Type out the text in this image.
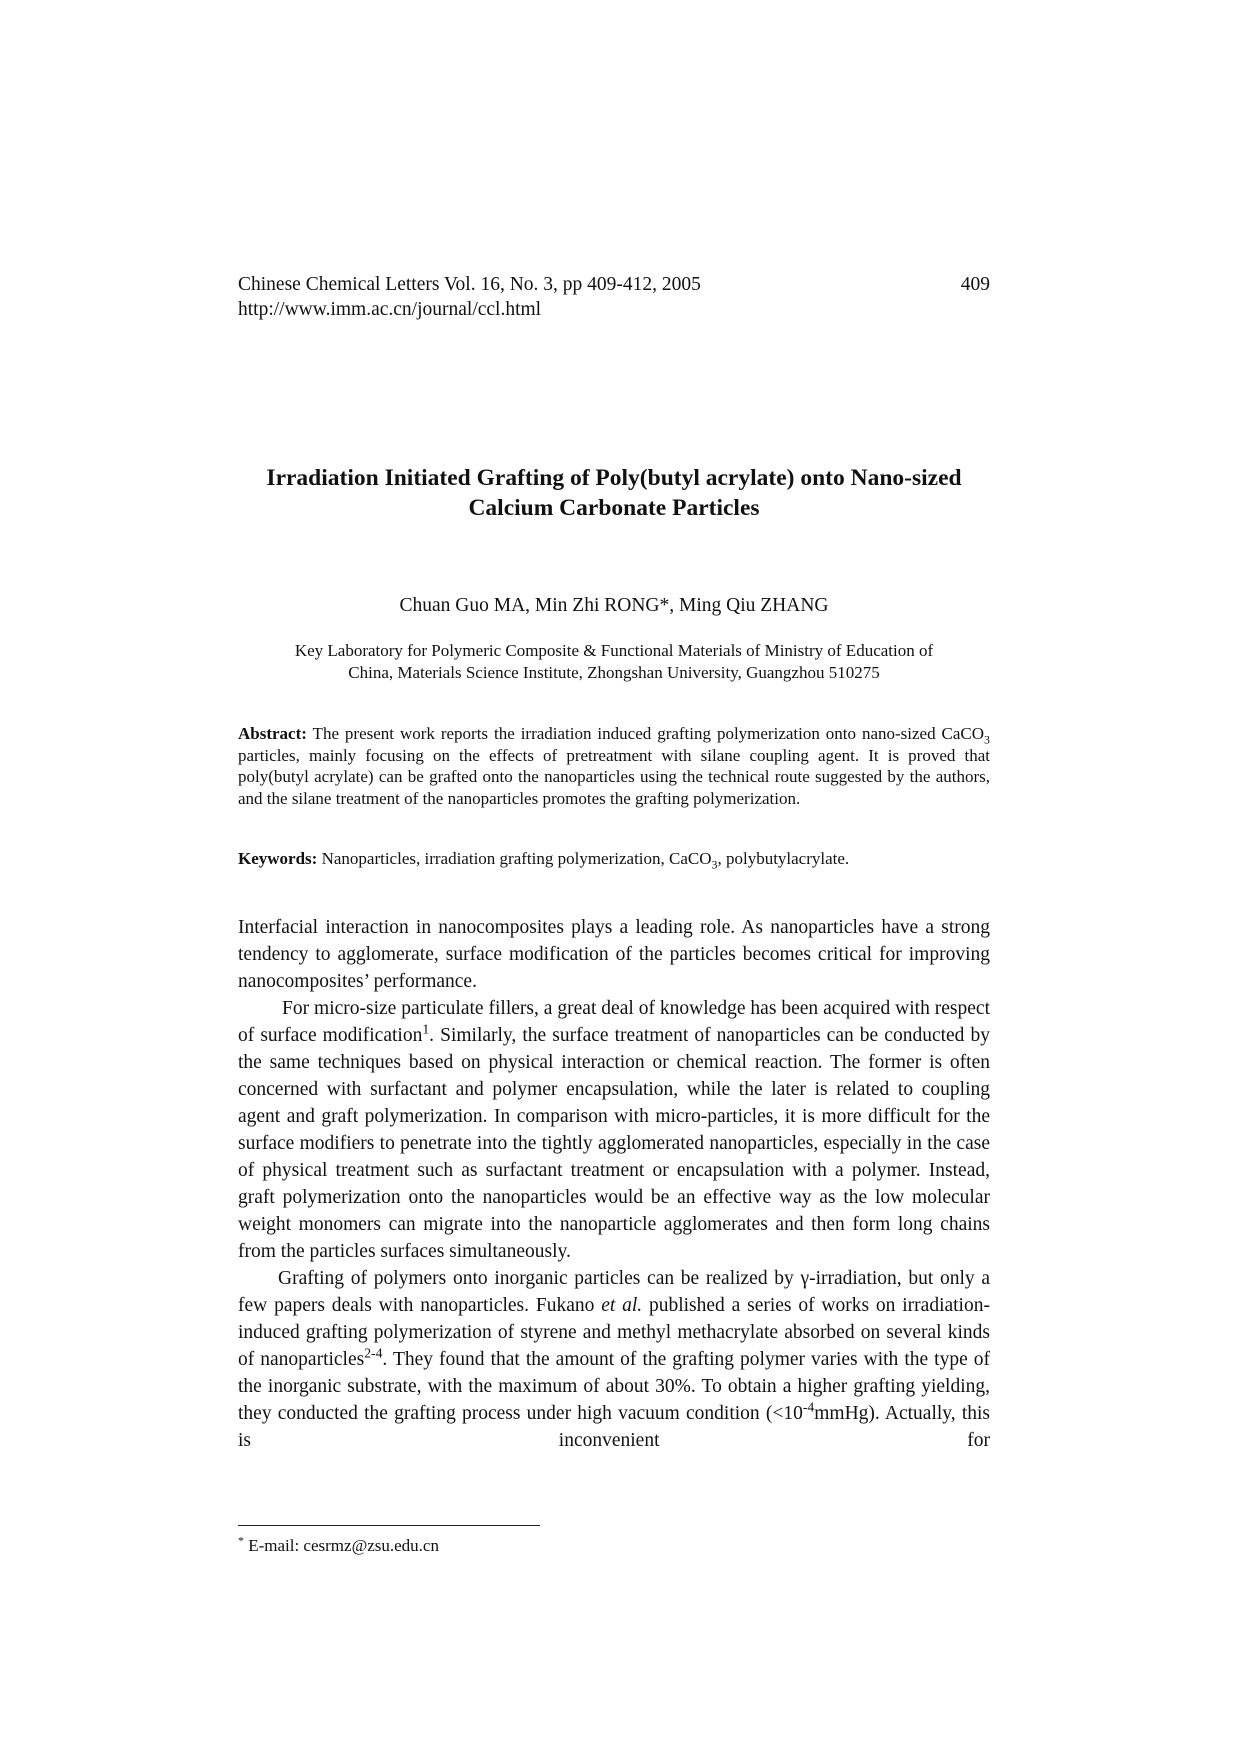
Chinese Chemical Letters Vol. 16, No. 3, pp 409-412, 2005
http://www.imm.ac.cn/journal/ccl.html
409
Irradiation Initiated Grafting of Poly(butyl acrylate) onto Nano-sized
Calcium Carbonate Particles
Chuan Guo MA, Min Zhi RONG*, Ming Qiu ZHANG
Key Laboratory for Polymeric Composite & Functional Materials of Ministry of Education of
China, Materials Science Institute, Zhongshan University, Guangzhou 510275
Abstract: The present work reports the irradiation induced grafting polymerization onto nano-sized CaCO$_3$ particles, mainly focusing on the effects of pretreatment with silane coupling agent. It is proved that poly(butyl acrylate) can be grafted onto the nanoparticles using the technical route suggested by the authors, and the silane treatment of the nanoparticles promotes the grafting polymerization.
Keywords: Nanoparticles, irradiation grafting polymerization, CaCO$_3$, polybutylacrylate.

Interfacial interaction in nanocomposites plays a leading role. As nanoparticles have a strong tendency to agglomerate, surface modification of the particles becomes critical for improving nanocomposites’ performance.

For micro-size particulate fillers, a great deal of knowledge has been acquired with respect of surface modification$^1$. Similarly, the surface treatment of nanoparticles can be conducted by the same techniques based on physical interaction or chemical reaction. The former is often concerned with surfactant and polymer encapsulation, while the later is related to coupling agent and graft polymerization. In comparison with micro-particles, it is more difficult for the surface modifiers to penetrate into the tightly agglomerated nanoparticles, especially in the case of physical treatment such as surfactant treatment or encapsulation with a polymer. Instead, graft polymerization onto the nanoparticles would be an effective way as the low molecular weight monomers can migrate into the nanoparticle agglomerates and then form long chains from the particles surfaces simultaneously.

Grafting of polymers onto inorganic particles can be realized by γ-irradiation, but only a few papers deals with nanoparticles. Fukano et al. published a series of works on irradiation-induced grafting polymerization of styrene and methyl methacrylate absorbed on several kinds of nanoparticles$^{2-4}$. They found that the amount of the grafting polymer varies with the type of the inorganic substrate, with the maximum of about 30%. To obtain a higher grafting yielding, they conducted the grafting process under high vacuum condition $(<10^{-4}mmHg)$. Actually, this is inconvenient for

* E-mail: cesrmz@zsu.edu.cn
